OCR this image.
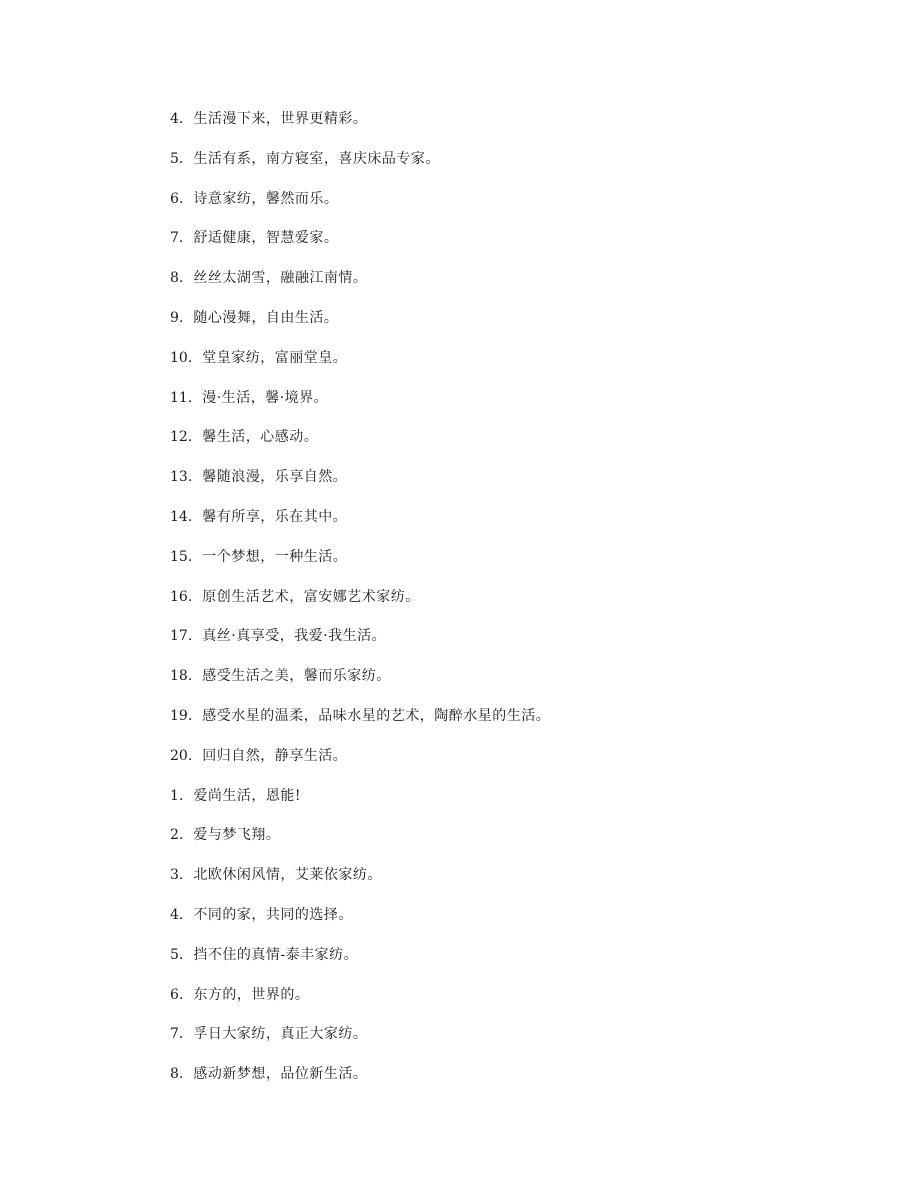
4. 生活漫下来，世界更精彩。
5. 生活有系，南方寝室，喜庆床品专家。
6. 诗意家纺，馨然而乐。
7. 舒适健康，智慧爱家。
8. 丝丝太湖雪，融融江南情。
9. 随心漫舞，自由生活。
10. 堂皇家纺，富丽堂皇。
11. 漫·生活，馨·境界。
12. 馨生活，心感动。
13. 馨随浪漫，乐享自然。
14. 馨有所享，乐在其中。
15. 一个梦想，一种生活。
16. 原创生活艺术，富安娜艺术家纺。
17. 真丝·真享受，我爱·我生活。
18. 感受生活之美，馨而乐家纺。
19. 感受水星的温柔，品味水星的艺术，陶醉水星的生活。
20. 回归自然，静享生活。
1. 爱尚生活，恩能!
2. 爱与梦飞翔。
3. 北欧休闲风情，艾莱依家纺。
4. 不同的家，共同的选择。
5. 挡不住的真情-泰丰家纺。
6. 东方的，世界的。
7. 孚日大家纺，真正大家纺。
8. 感动新梦想，品位新生活。
